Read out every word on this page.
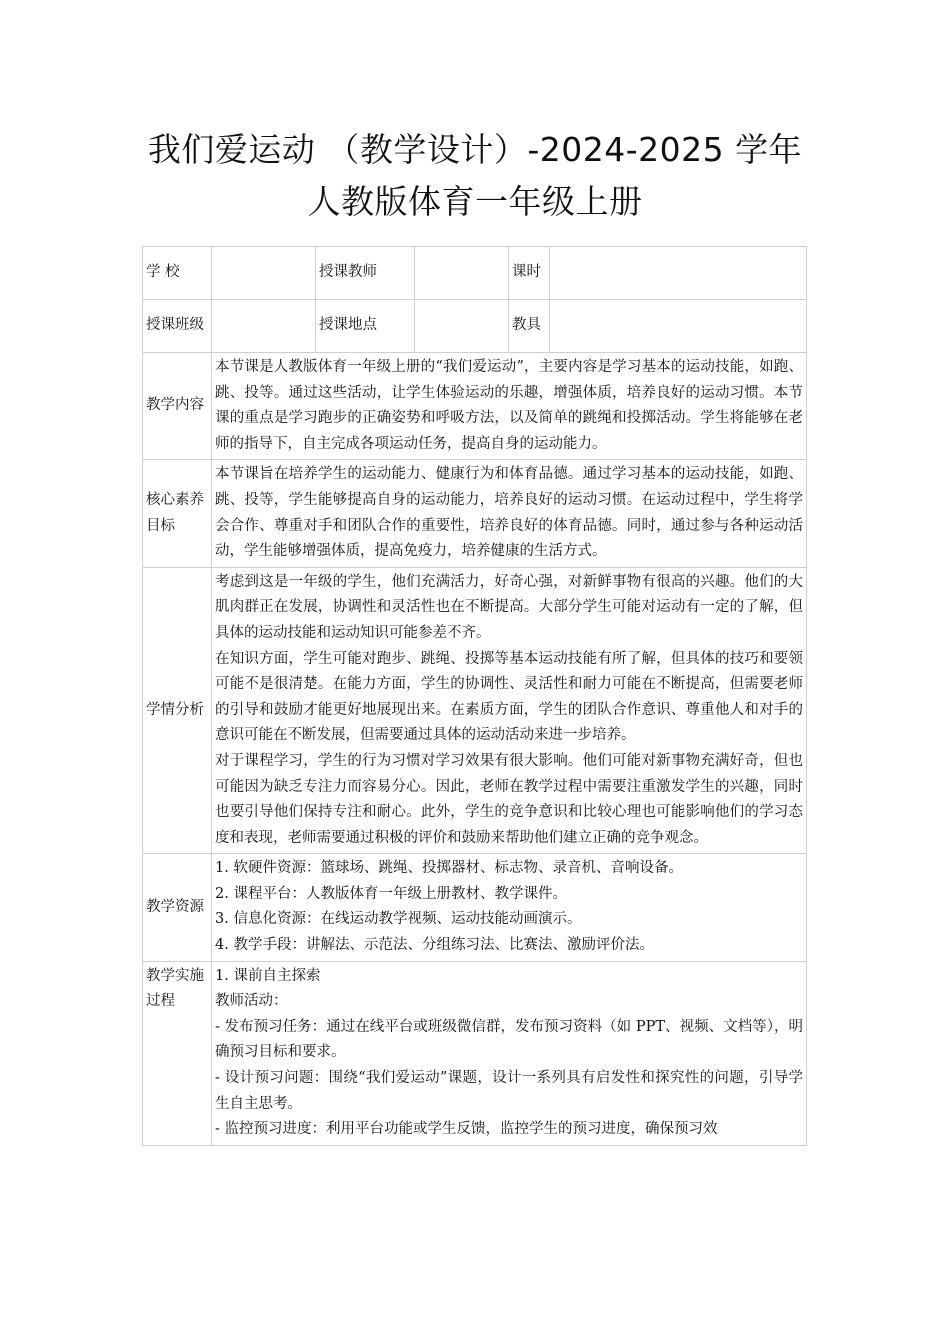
我们爱运动 （教学设计）-2024-2025 学年
人教版体育一年级上册
学 校		授课教师		课时	
授课班级		授课地点		教具	
教学内容	本节课是人教版体育一年级上册的“我们爱运动”，主要内容是学习基本的运动技能，如跑、跳、投等。通过这些活动，让学生体验运动的乐趣，增强体质，培养良好的运动习惯。本节课的重点是学习跑步的正确姿势和呼吸方法，以及简单的跳绳和投掷活动。学生将能够在老师的指导下，自主完成各项运动任务，提高自身的运动能力。				
核心素养目标	本节课旨在培养学生的运动能力、健康行为和体育品德。通过学习基本的运动技能，如跑、跳、投等，学生能够提高自身的运动能力，培养良好的运动习惯。在运动过程中，学生将学会合作、尊重对手和团队合作的重要性，培养良好的体育品德。同时，通过参与各种运动活动，学生能够增强体质，提高免疫力，培养健康的生活方式。				
学情分析	考虑到这是一年级的学生，他们充满活力，好奇心强，对新鲜事物有很高的兴趣。他们的大肌肉群正在发展，协调性和灵活性也在不断提高。大部分学生可能对运动有一定的了解，但具体的运动技能和运动知识可能参差不齐。

在知识方面，学生可能对跑步、跳绳、投掷等基本运动技能有所了解，但具体的技巧和要领可能不是很清楚。在能力方面，学生的协调性、灵活性和耐力可能在不断提高，但需要老师的引导和鼓励才能更好地展现出来。在素质方面，学生的团队合作意识、尊重他人和对手的意识可能在不断发展，但需要通过具体的运动活动来进一步培养。

对于课程学习，学生的行为习惯对学习效果有很大影响。他们可能对新事物充满好奇，但也可能因为缺乏专注力而容易分心。因此，老师在教学过程中需要注重激发学生的兴趣，同时也要引导他们保持专注和耐心。此外，学生的竞争意识和比较心理也可能影响他们的学习态度和表现，老师需要通过积极的评价和鼓励来帮助他们建立正确的竞争观念。				

教学资源	1. 软硬件资源：篮球场、跳绳、投掷器材、标志物、录音机、音响设备。

2. 课程平台：人教版体育一年级上册教材、教学课件。

3. 信息化资源：在线运动教学视频、运动技能动画演示。

4. 教学手段：讲解法、示范法、分组练习法、比赛法、激励评价法。				

教学实施过程	1. 课前自主探索

教师活动：

- 发布预习任务：通过在线平台或班级微信群，发布预习资料（如 PPT、视频、文档等），明确预习目标和要求。

- 设计预习问题：围绕“我们爱运动”课题，设计一系列具有启发性和探究性的问题，引导学生自主思考。

- 监控预习进度：利用平台功能或学生反馈，监控学生的预习进度，确保预习效				
